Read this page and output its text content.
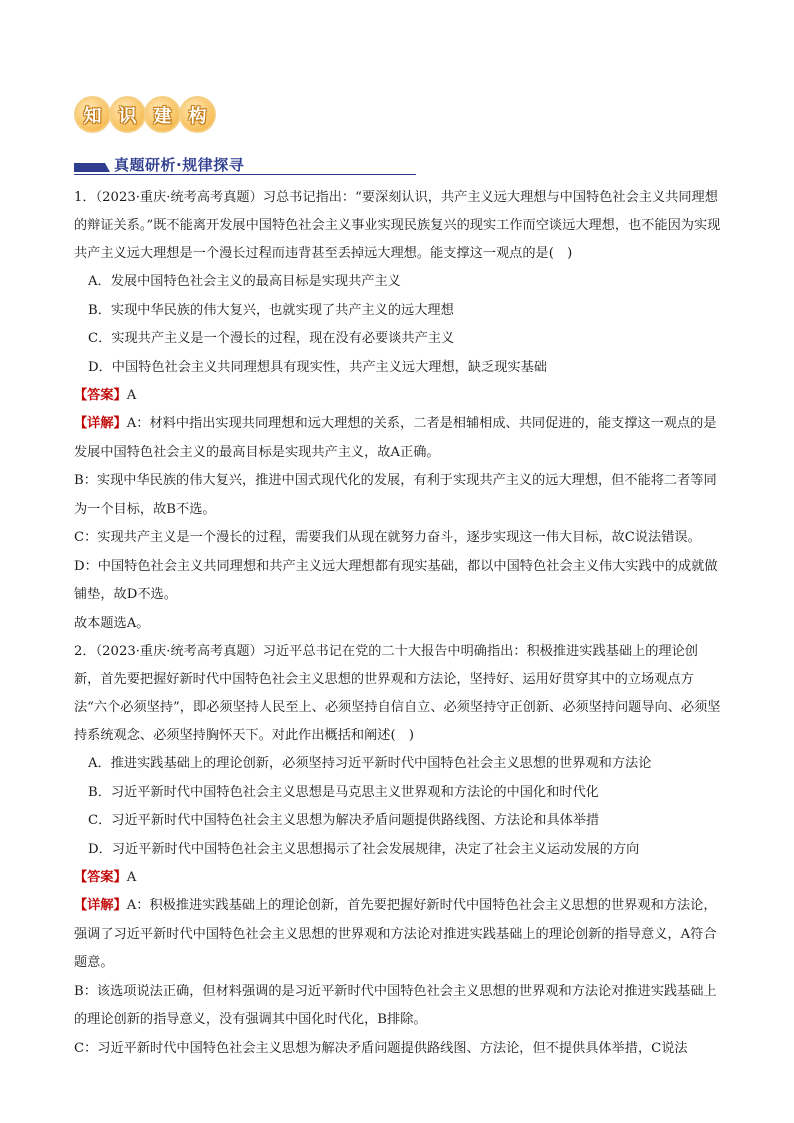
知 识 建 构
真题研析·规律探寻

1．（2023·重庆·统考高考真题）习总书记指出：“要深刻认识，共产主义远大理想与中国特色社会主义共同理想的辩证关系。”既不能离开发展中国特色社会主义事业实现民族复兴的现实工作而空谈远大理想，也不能因为实现共产主义远大理想是一个漫长过程而违背甚至丢掉远大理想。能支撑这一观点的是(　)

A．发展中国特色社会主义的最高目标是实现共产主义

B．实现中华民族的伟大复兴，也就实现了共产主义的远大理想

C．实现共产主义是一个漫长的过程，现在没有必要谈共产主义

D．中国特色社会主义共同理想具有现实性，共产主义远大理想，缺乏现实基础

【答案】A

【详解】A：材料中指出实现共同理想和远大理想的关系，二者是相辅相成、共同促进的，能支撑这一观点的是发展中国特色社会主义的最高目标是实现共产主义，故A正确。

B：实现中华民族的伟大复兴，推进中国式现代化的发展，有利于实现共产主义的远大理想，但不能将二者等同为一个目标，故B不选。

C：实现共产主义是一个漫长的过程，需要我们从现在就努力奋斗，逐步实现这一伟大目标，故C说法错误。

D：中国特色社会主义共同理想和共产主义远大理想都有现实基础，都以中国特色社会主义伟大实践中的成就做铺垫，故D不选。

故本题选A。

2．（2023·重庆·统考高考真题）习近平总书记在党的二十大报告中明确指出：积极推进实践基础上的理论创新，首先要把握好新时代中国特色社会主义思想的世界观和方法论，坚持好、运用好贯穿其中的立场观点方法“六个必须坚持”，即必须坚持人民至上、必须坚持自信自立、必须坚持守正创新、必须坚持问题导向、必须坚持系统观念、必须坚持胸怀天下。对此作出概括和阐述(　)

A．推进实践基础上的理论创新，必须坚持习近平新时代中国特色社会主义思想的世界观和方法论

B．习近平新时代中国特色社会主义思想是马克思主义世界观和方法论的中国化和时代化

C．习近平新时代中国特色社会主义思想为解决矛盾问题提供路线图、方法论和具体举措

D．习近平新时代中国特色社会主义思想揭示了社会发展规律，决定了社会主义运动发展的方向

【答案】A

【详解】A：积极推进实践基础上的理论创新，首先要把握好新时代中国特色社会主义思想的世界观和方法论，强调了习近平新时代中国特色社会主义思想的世界观和方法论对推进实践基础上的理论创新的指导意义，A符合题意。

B：该选项说法正确，但材料强调的是习近平新时代中国特色社会主义思想的世界观和方法论对推进实践基础上的理论创新的指导意义，没有强调其中国化时代化，B排除。

C：习近平新时代中国特色社会主义思想为解决矛盾问题提供路线图、方法论，但不提供具体举措，C说法
